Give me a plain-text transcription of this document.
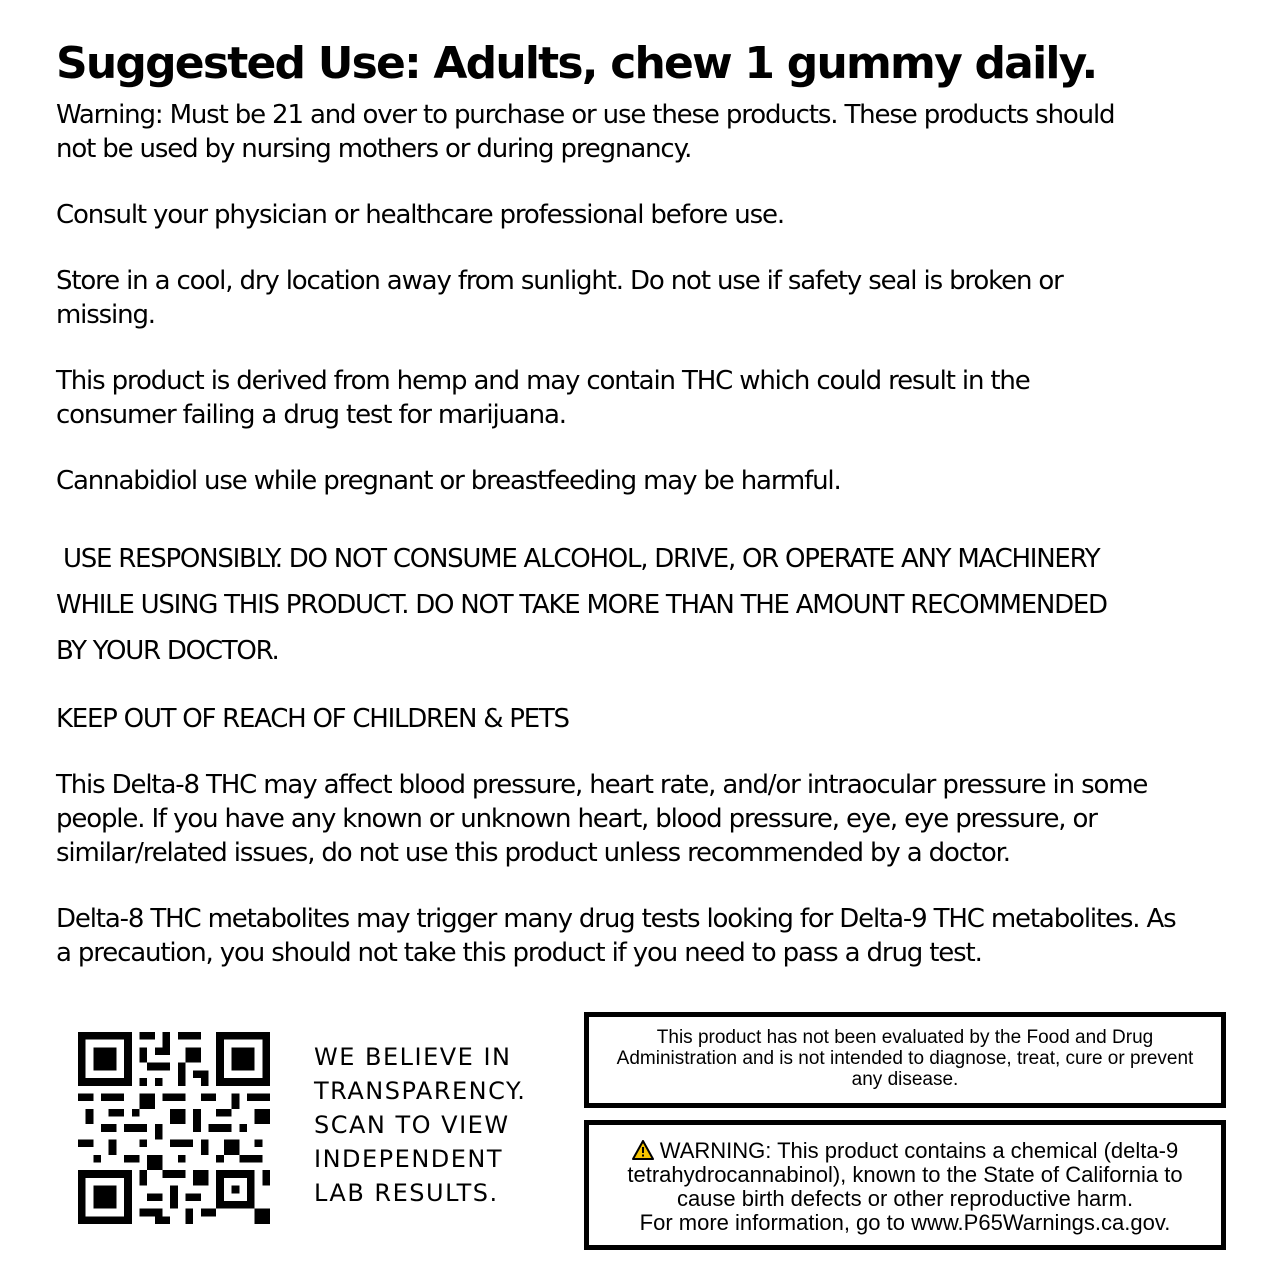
Suggested Use: Adults, chew 1 gummy daily.

Warning: Must be 21 and over to purchase or use these products. These products should
not be used by nursing mothers or during pregnancy.

Consult your physician or healthcare professional before use.

Store in a cool, dry location away from sunlight. Do not use if safety seal is broken or
missing.

This product is derived from hemp and may contain THC which could result in the
consumer failing a drug test for marijuana.

Cannabidiol use while pregnant or breastfeeding may be harmful.

USE RESPONSIBLY. DO NOT CONSUME ALCOHOL, DRIVE, OR OPERATE ANY MACHINERY
WHILE USING THIS PRODUCT. DO NOT TAKE MORE THAN THE AMOUNT RECOMMENDED
BY YOUR DOCTOR.

KEEP OUT OF REACH OF CHILDREN & PETS

This Delta-8 THC may affect blood pressure, heart rate, and/or intraocular pressure in some
people. If you have any known or unknown heart, blood pressure, eye, eye pressure, or
similar/related issues, do not use this product unless recommended by a doctor.

Delta-8 THC metabolites may trigger many drug tests looking for Delta-9 THC metabolites. As
a precaution, you should not take this product if you need to pass a drug test.

WE BELIEVE IN
TRANSPARENCY.
SCAN TO VIEW
INDEPENDENT
LAB RESULTS.
This product has not been evaluated by the Food and Drug
Administration and is not intended to diagnose, treat, cure or prevent
any disease.
WARNING: This product contains a chemical (delta-9
tetrahydrocannabinol), known to the State of California to
cause birth defects or other reproductive harm.
For more information, go to www.P65Warnings.ca.gov.
